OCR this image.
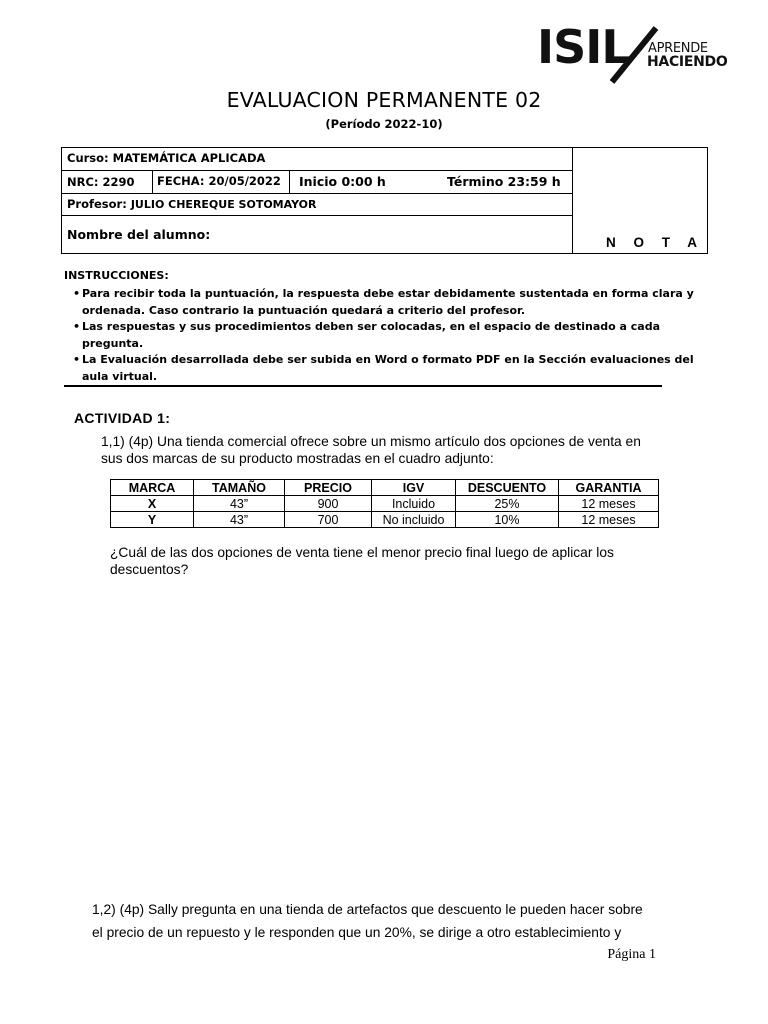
ISIL APRENDE
HACIENDO
EVALUACION PERMANENTE 02
(Período 2022-10)
Curso: MATEMÁTICA APLICADA
NRC: 2290 FECHA: 20/05/2022 Inicio 0:00 h	Término 23:59 h
Profesor: JULIO CHEREQUE SOTOMAYOR
Nombre del alumno:
N O T A
INSTRUCCIONES:
• Para recibir toda la puntuación, la respuesta debe estar debidamente sustentada en forma clara y
ordenada. Caso contrario la puntuación quedará a criterio del profesor.
• Las respuestas y sus procedimientos deben ser colocadas, en el espacio de destinado a cada
pregunta.
• La Evaluación desarrollada debe ser subida en Word o formato PDF en la Sección evaluaciones del
aula virtual.
ACTIVIDAD 1:
1,1) (4p) Una tienda comercial ofrece sobre un mismo artículo dos opciones de venta en
sus dos marcas de su producto mostradas en el cuadro adjunto:
MARCA	TAMAÑO	PRECIO	IGV	DESCUENTO	GARANTIA
X	43”	900	Incluido	25%	12 meses
Y	43”	700	No incluido	10%	12 meses
¿Cuál de las dos opciones de venta tiene el menor precio final luego de aplicar los
descuentos?
1,2) (4p) Sally pregunta en una tienda de artefactos que descuento le pueden hacer sobre
el precio de un repuesto y le responden que un 20%, se dirige a otro establecimiento y
Página 1
